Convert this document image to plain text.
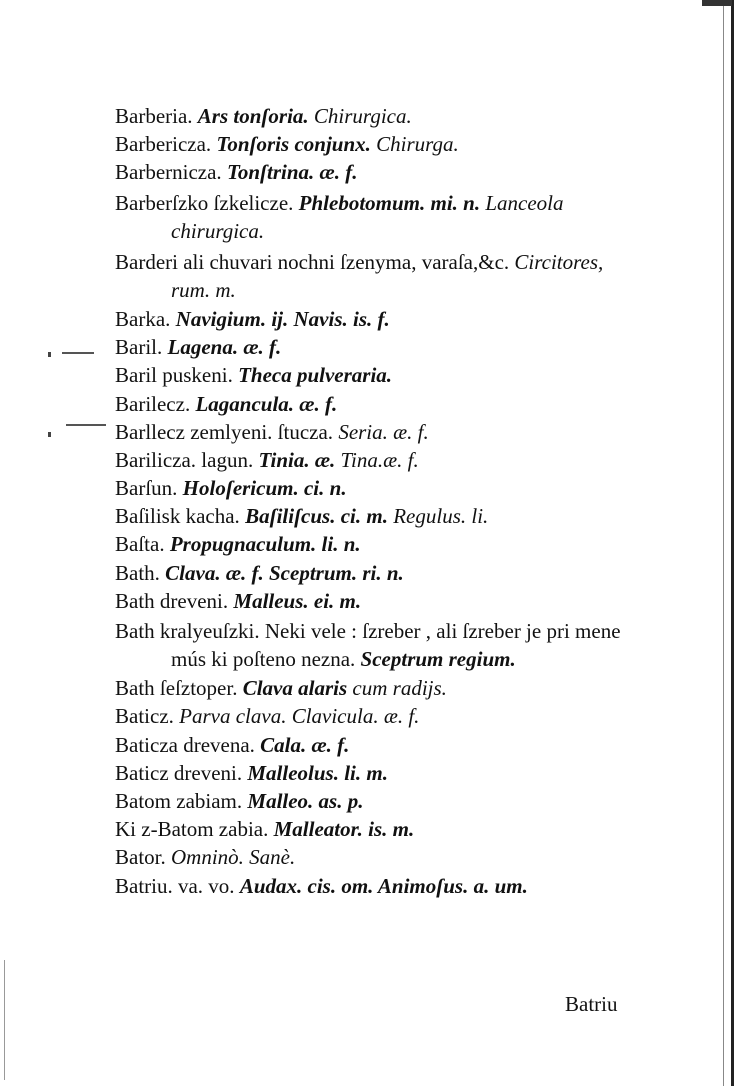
Barberia. Ars tonſoria. Chirurgica.
Barbericza. Tonſoris conjunx. Chirurga.
Barbernicza. Tonſtrina. æ. f.
Barberſzko ſzkelicze. Phlebotomum. mi. n. Lanceola chirurgica.
Barderi ali chuvari nochni ſzenyma, varaſa,&c. Circitores, rum. m.
Barka. Navigium. ij. Navis. is. f.
Baril. Lagena. æ. f.
Baril puskeni. Theca pulveraria.
Barilecz. Lagancula. æ. f.
Barllecz zemlyeni. ſtucza. Seria. æ. f.
Barilicza. lagun. Tinia. æ. Tina.æ. f.
Barſun. Holoſericum. ci. n.
Baſilisk kacha. Baſiliſcus. ci. m. Regulus. li.
Baſta. Propugnaculum. li. n.
Bath. Clava. æ. f. Sceptrum. ri. n.
Bath dreveni. Malleus. ei. m.
Bath kralyeuſzki. Neki vele : ſzreber , ali ſzreber je pri mene mús ki poſteno nezna. Sceptrum regium.
Bath ſeſztoper. Clava alaris cum radijs.
Baticz. Parva clava. Clavicula. æ. f.
Baticza drevena. Cala. æ. f.
Baticz dreveni. Malleolus. li. m.
Batom zabiam. Malleo. as. p.
Ki z-Batom zabia. Malleator. is. m.
Bator. Omninò. Sanè.
Batriu. va. vo. Audax. cis. om. Animoſus. a. um.
Batriu
